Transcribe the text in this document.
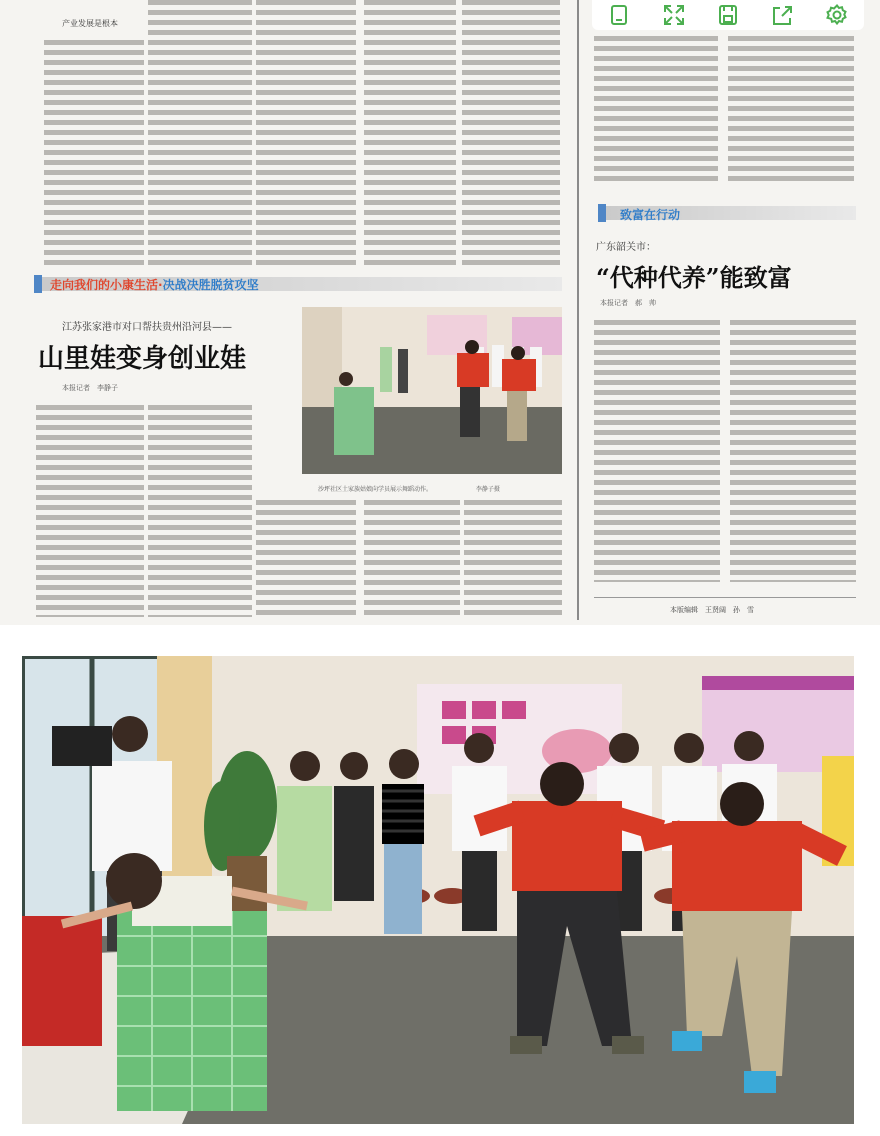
产业发展是根本
走向我们的小康生活·决战决胜脱贫攻坚
江苏张家港市对口帮扶贵州沿河县——
山里娃变身创业娃
本报记者　李静子
沙坪社区土家族姑娘向学员展示舞蹈动作。	李静子摄
致富在行动
广东韶关市：
“代种代养”能致富
本报记者　郝　帅
本版编辑　王贤阔　孙　雪
